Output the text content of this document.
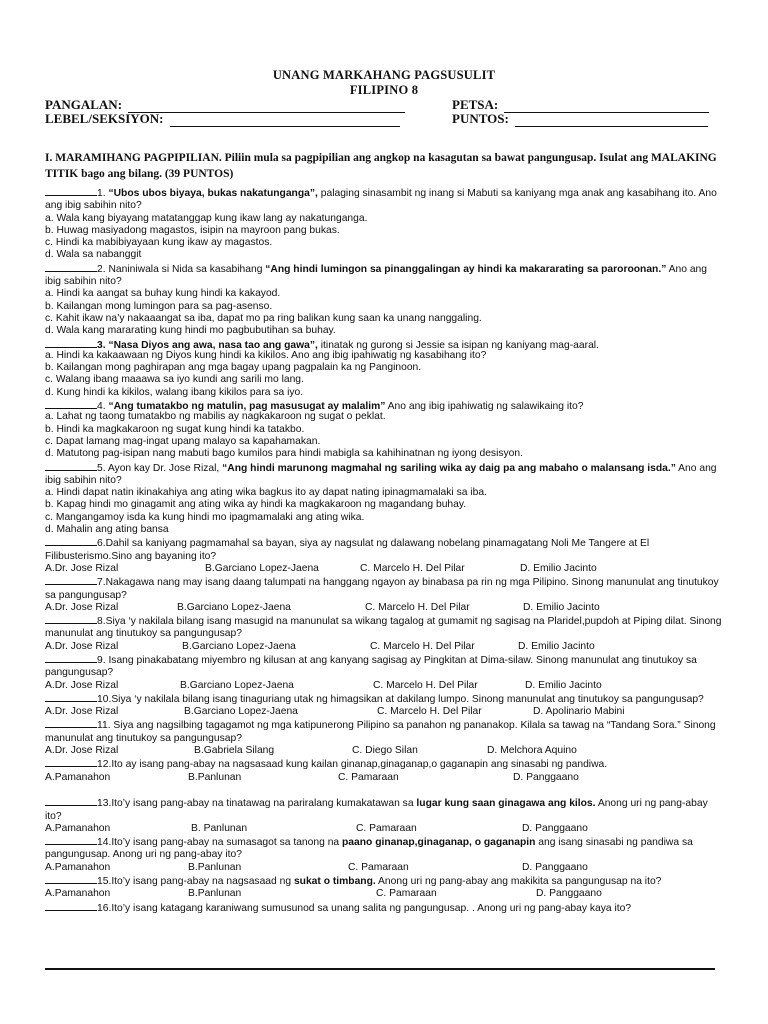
UNANG MARKAHANG PAGSUSULIT
FILIPINO 8
PANGALAN:	PETSA:
LEBEL/SEKSIYON:	PUNTOS:
I. MARAMIHANG PAGPIPILIAN. Piliin mula sa pagpipilian ang angkop na kasagutan sa bawat pangungusap. Isulat ang MALAKING TITIK bago ang bilang. (39 PUNTOS)
1. “Ubos ubos biyaya, bukas nakatunganga”, palaging sinasambit ng inang si Mabuti sa kaniyang mga anak ang kasabihang ito. Ano ang ibig sabihin nito?
a. Wala kang biyayang matatanggap kung ikaw lang ay nakatunganga.
b. Huwag masiyadong magastos, isipin na mayroon pang bukas.
c. Hindi ka mabibiyayaan kung ikaw ay magastos.
d. Wala sa nabanggit
2. Naniniwala si Nida sa kasabihang “Ang hindi lumingon sa pinanggalingan ay hindi ka makararating sa paroroonan.” Ano ang ibig sabihin nito?
a. Hindi ka aangat sa buhay kung hindi ka kakayod.
b. Kailangan mong lumingon para sa pag-asenso.
c. Kahit ikaw na’y nakaaangat sa iba, dapat mo pa ring balikan kung saan ka unang nanggaling.
d. Wala kang mararating kung hindi mo pagbubutihan sa buhay.
3. “Nasa Diyos ang awa, nasa tao ang gawa”, itinatak ng gurong si Jessie sa isipan ng kaniyang mag-aaral.
a. Hindi ka kakaawaan ng Diyos kung hindi ka kikilos. Ano ang ibig ipahiwatig ng kasabihang ito?
b. Kailangan mong paghirapan ang mga bagay upang pagpalain ka ng Panginoon.
c. Walang ibang maaawa sa iyo kundi ang sarili mo lang.
d. Kung hindi ka kikilos, walang ibang kikilos para sa iyo.
4. “Ang tumatakbo ng matulin, pag masusugat ay malalim” Ano ang ibig ipahiwatig ng salawikaing ito?
a. Lahat ng taong tumatakbo ng mabilis ay nagkakaroon ng sugat o peklat.
b. Hindi ka magkakaroon ng sugat kung hindi ka tatakbo.
c. Dapat lamang mag-ingat upang malayo sa kapahamakan.
d. Matutong pag-isipan nang mabuti bago kumilos para hindi mabigla sa kahihinatnan ng iyong desisyon.
5. Ayon kay Dr. Jose Rizal, “Ang hindi marunong magmahal ng sariling wika ay daig pa ang mabaho o malansang isda.” Ano ang ibig sabihin nito?
a. Hindi dapat natin ikinakahiya ang ating wika bagkus ito ay dapat nating ipinagmamalaki sa iba.
b. Kapag hindi mo ginagamit ang ating wika ay hindi ka magkakaroon ng magandang buhay.
c. Mangangamoy isda ka kung hindi mo ipagmamalaki ang ating wika.
d. Mahalin ang ating bansa
6.Dahil sa kaniyang pagmamahal sa bayan, siya ay nagsulat ng dalawang nobelang pinamagatang Noli Me Tangere at El Filibusterismo.Sino ang bayaning ito?
A.Dr. Jose Rizal	B.Garciano Lopez-Jaena	C. Marcelo H. Del Pilar	D. Emilio Jacinto
7.Nakagawa nang may isang daang talumpati na hanggang ngayon ay binabasa pa rin ng mga Pilipino. Sinong manunulat ang tinutukoy sa pangungusap?
A.Dr. Jose Rizal	B.Garciano Lopez-Jaena	C. Marcelo H. Del Pilar	D. Emilio Jacinto
8.Siya ‘y nakilala bilang isang masugid na manunulat sa wikang tagalog at gumamit ng sagisag na Plaridel,pupdoh at Piping dilat. Sinong manunulat ang tinutukoy sa pangungusap?
A.Dr. Jose Rizal	B.Garciano Lopez-Jaena	C. Marcelo H. Del Pilar	D. Emilio Jacinto
9. Isang pinakabatang miyembro ng kilusan at ang kanyang sagisag ay Pingkitan at Dima-silaw. Sinong manunulat ang tinutukoy sa pangungusap?
A.Dr. Jose Rizal	B.Garciano Lopez-Jaena	C. Marcelo H. Del Pilar	D. Emilio Jacinto
10.Siya ‘y nakilala bilang isang tinaguriang utak ng himagsikan at dakilang lumpo. Sinong manunulat ang tinutukoy sa pangungusap?
A.Dr. Jose Rizal	B.Garciano Lopez-Jaena	C. Marcelo H. Del Pilar	D. Apolinario Mabini
11. Siya ang nagsilbing tagagamot ng mga katipunerong Pilipino sa panahon ng pananakop. Kilala sa tawag na “Tandang Sora.” Sinong manunulat ang tinutukoy sa pangungusap?
A.Dr. Jose Rizal	B.Gabriela Silang	C. Diego Silan	D. Melchora Aquino
12.Ito ay isang pang-abay na nagsasaad kung kailan ginanap,ginaganap,o gaganapin ang sinasabi ng pandiwa.
A.Pamanahon	B.Panlunan	C. Pamaraan	D. Panggaano
13.Ito’y isang pang-abay na tinatawag na pariralang kumakatawan sa lugar kung saan ginagawa ang kilos. Anong uri ng pang-abay ito?
A.Pamanahon	B. Panlunan	C. Pamaraan	D. Panggaano
14.Ito’y isang pang-abay na sumasagot sa tanong na paano ginanap,ginaganap, o gaganapin ang isang sinasabi ng pandiwa sa pangungusap. Anong uri ng pang-abay ito?
A.Pamanahon	B.Panlunan	C. Pamaraan	D. Panggaano
15.Ito’y isang pang-abay na nagsasaad ng sukat o timbang. Anong uri ng pang-abay ang makikita sa pangungusap na ito?
A.Pamanahon	B.Panlunan	C. Pamaraan	D. Panggaano
16.Ito’y isang katagang karaniwang sumusunod sa unang salita ng pangungusap. . Anong uri ng pang-abay kaya ito?
